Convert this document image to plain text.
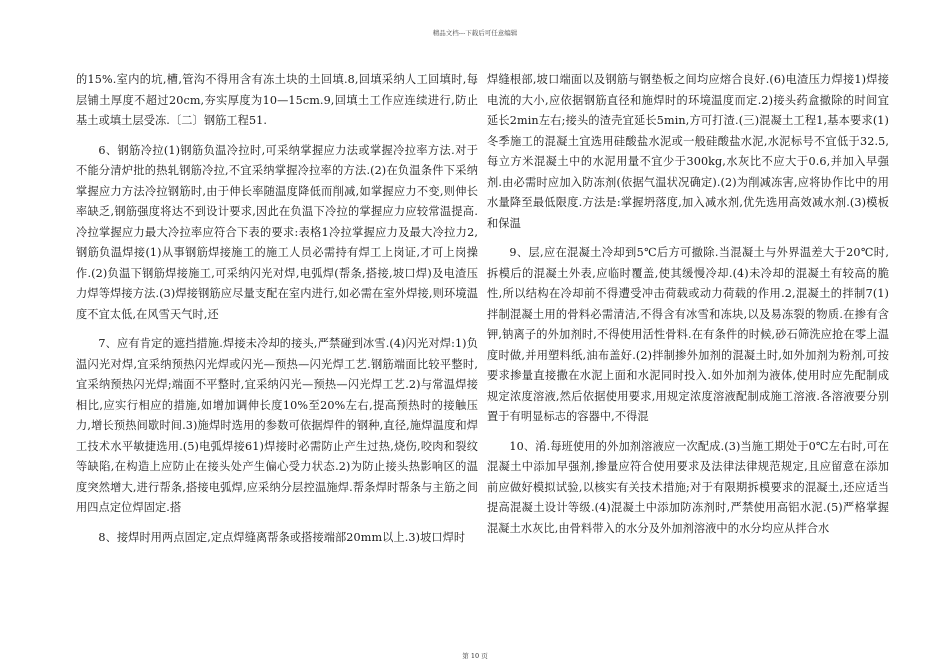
精品文档---下载后可任意编辑

的15%.室内的坑,槽,管沟不得用含有冻土块的土回填.8,回填采纳人工回填时,每层铺土厚度不超过20cm,夯实厚度为10—15cm.9,回填土工作应连续进行,防止基土或填土层受冻.〔二〕钢筋工程51.

6、钢筋冷拉(1)钢筋负温冷拉时,可采纳掌握应力法或掌握冷拉率方法.对于不能分清炉批的热轧钢筋冷拉,不宜采纳掌握冷拉率的方法.(2)在负温条件下采纳掌握应力方法冷拉钢筋时,由于伸长率随温度降低而削减,如掌握应力不变,则伸长率缺乏,钢筋强度将达不到设计要求,因此在负温下冷拉的掌握应力应较常温提高.冷拉掌握应力最大冷拉率应符合下表的要求:表格1冷拉掌握应力及最大冷拉力2,钢筋负温焊接(1)从事钢筋焊接施工的施工人员必需持有焊工上岗证,才可上岗操作.(2)负温下钢筋焊接施工,可采纳闪光对焊,电弧焊(帮条,搭接,坡口焊)及电渣压力焊等焊接方法.(3)焊接钢筋应尽量支配在室内进行,如必需在室外焊接,则环境温度不宜太低,在风雪天气时,还

7、应有肯定的遮挡措施.焊接未冷却的接头,严禁碰到冰雪.(4)闪光对焊:1)负温闪光对焊,宜采纳预热闪光焊或闪光—预热—闪光焊工艺.钢筋端面比较平整时,宜采纳预热闪光焊;端面不平整时,宜采纳闪光—预热—闪光焊工艺.2)与常温焊接相比,应实行相应的措施,如增加调伸长度10%至20%左右,提高预热时的接触压力,增长预热间歇时间.3)施焊时选用的参数可依据焊件的钢种,直径,施焊温度和焊工技术水平敏捷选用.(5)电弧焊接61)焊接时必需防止产生过热,烧伤,咬肉和裂纹等缺陷,在构造上应防止在接头处产生偏心受力状态.2)为防止接头热影响区的温度突然增大,进行帮条,搭接电弧焊,应采纳分层控温施焊.帮条焊时帮条与主筋之间用四点定位焊固定.搭

8、接焊时用两点固定,定点焊缝离帮条或搭接端部20mm以上.3)坡口焊时

焊缝根部,坡口端面以及钢筋与钢垫板之间均应熔合良好.(6)电渣压力焊接1)焊接电流的大小,应依据钢筋直径和施焊时的环境温度而定.2)接头药盒撤除的时间宜延长2min左右;接头的渣壳宜延长5min,方可打渣.(三)混凝土工程1,基本要求(1)冬季施工的混凝土宜选用硅酸盐水泥或一般硅酸盐水泥,水泥标号不宜低于32.5,每立方米混凝土中的水泥用量不宜少于300kg,水灰比不应大于0.6,并加入早强剂.由必需时应加入防冻剂(依据气温状况确定).(2)为削减冻害,应将协作比中的用水量降至最低限度.方法是:掌握坍落度,加入减水剂,优先选用高效减水剂.(3)模板和保温

9、层,应在混凝土冷却到5℃后方可撤除.当混凝土与外界温差大于20℃时,拆模后的混凝土外表,应临时覆盖,使其缓慢冷却.(4)未冷却的混凝土有较高的脆性,所以结构在冷却前不得遭受冲击荷载或动力荷载的作用.2,混凝土的拌制7(1)拌制混凝土用的骨料必需清洁,不得含有冰雪和冻块,以及易冻裂的物质.在掺有含钾,钠离子的外加剂时,不得使用活性骨料.在有条件的时候,砂石筛洗应抢在零上温度时做,并用塑料纸,油布盖好.(2)拌制掺外加剂的混凝土时,如外加剂为粉剂,可按要求掺量直接撒在水泥上面和水泥同时投入.如外加剂为液体,使用时应先配制成规定浓度溶液,然后依据使用要求,用规定浓度溶液配制成施工溶液.各溶液要分别置于有明显标志的容器中,不得混

10、淆.每班使用的外加剂溶液应一次配成.(3)当施工期处于0℃左右时,可在混凝土中添加早强剂,掺量应符合使用要求及法律法律规范规定,且应留意在添加前应做好模拟试验,以核实有关技术措施;对于有限期拆模要求的混凝土,还应适当提高混凝土设计等级.(4)混凝土中添加防冻剂时,严禁使用高铝水泥.(5)严格掌握混凝土水灰比,由骨料带入的水分及外加剂溶液中的水分均应从拌合水

第 10 页
